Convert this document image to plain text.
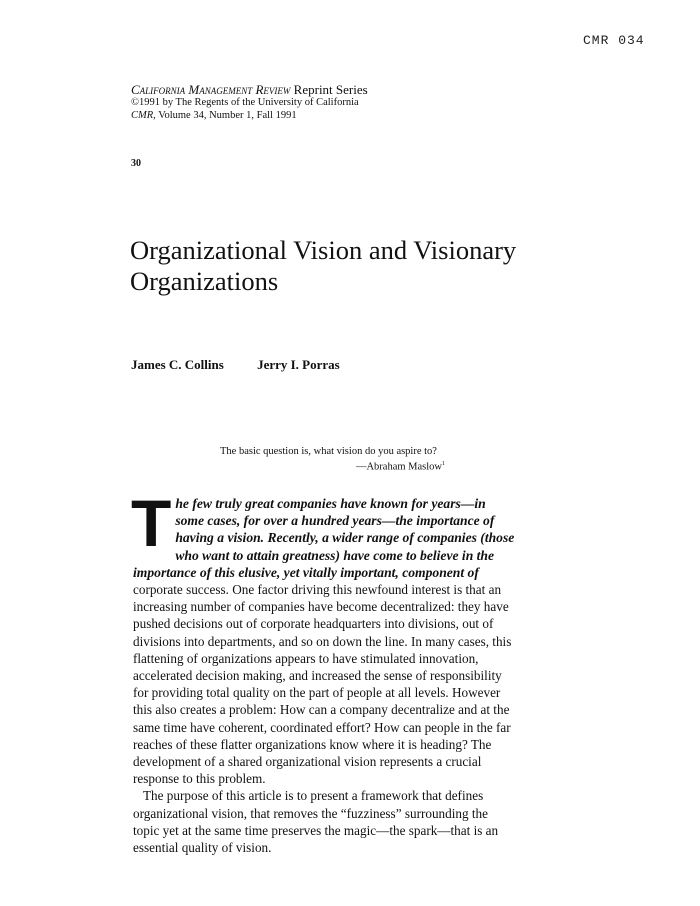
CMR 034
California Management Review Reprint Series
©1991 by The Regents of the University of California
CMR, Volume 34, Number 1, Fall 1991
30
Organizational Vision and Visionary Organizations
James C. Collins	Jerry I. Porras
The basic question is, what vision do you aspire to?
—Abraham Maslow$^1$

The few truly great companies have known for years—in some cases, for over a hundred years—the importance of having a vision. Recently, a wider range of companies (those who want to attain greatness) have come to believe in the importance of this elusive, yet vitally important, component of corporate success. One factor driving this newfound interest is that an increasing number of companies have become decentralized: they have pushed decisions out of corporate headquarters into divisions, out of divisions into departments, and so on down the line. In many cases, this flattening of organizations appears to have stimulated innovation, accelerated decision making, and increased the sense of responsibility for providing total quality on the part of people at all levels. However this also creates a problem: How can a company decentralize and at the same time have coherent, coordinated effort? How can people in the far reaches of these flatter organizations know where it is heading? The development of a shared organizational vision represents a crucial response to this problem.

The purpose of this article is to present a framework that defines organizational vision, that removes the “fuzziness” surrounding the topic yet at the same time preserves the magic—the spark—that is an essential quality of vision.
